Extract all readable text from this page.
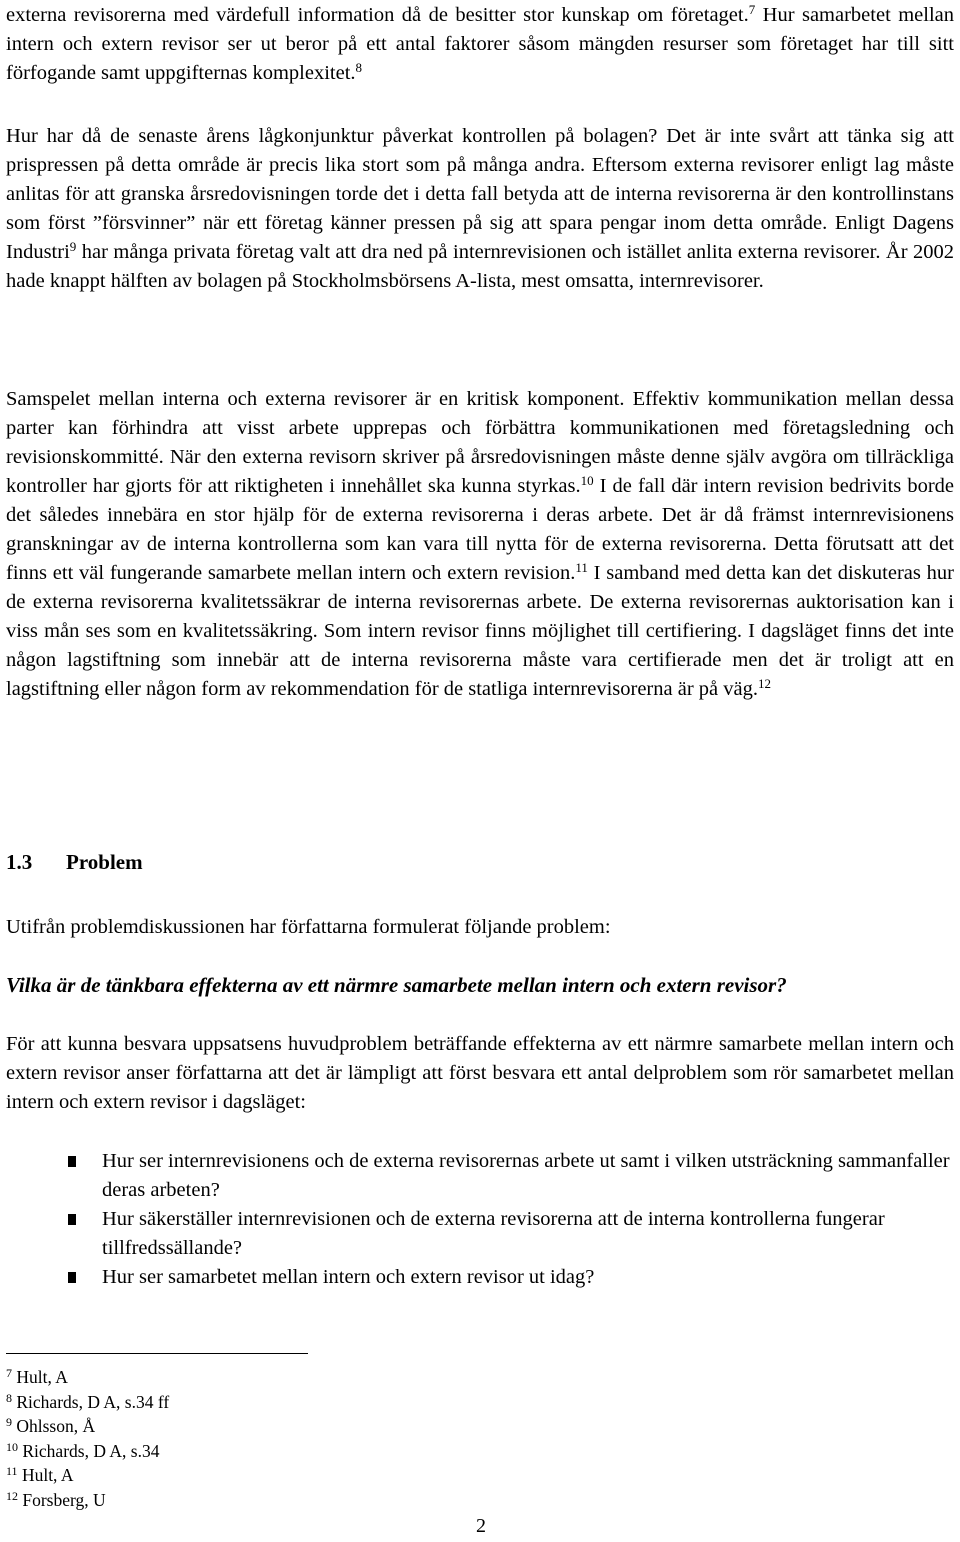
externa revisorerna med värdefull information då de besitter stor kunskap om företaget.$^7$ Hur samarbetet mellan intern och extern revisor ser ut beror på ett antal faktorer såsom mängden resurser som företaget har till sitt förfogande samt uppgifternas komplexitet.$^8$

Hur har då de senaste årens lågkonjunktur påverkat kontrollen på bolagen? Det är inte svårt att tänka sig att prispressen på detta område är precis lika stort som på många andra. Eftersom externa revisorer enligt lag måste anlitas för att granska årsredovisningen torde det i detta fall betyda att de interna revisorerna är den kontrollinstans som först ”försvinner” när ett företag känner pressen på sig att spara pengar inom detta område. Enligt Dagens Industri$^9$ har många privata företag valt att dra ned på internrevisionen och istället anlita externa revisorer. År 2002 hade knappt hälften av bolagen på Stockholmsbörsens A-lista, mest omsatta, internrevisorer.

Samspelet mellan interna och externa revisorer är en kritisk komponent. Effektiv kommunikation mellan dessa parter kan förhindra att visst arbete upprepas och förbättra kommunikationen med företagsledning och revisionskommitté. När den externa revisorn skriver på årsredovisningen måste denne själv avgöra om tillräckliga kontroller har gjorts för att riktigheten i innehållet ska kunna styrkas.$^{10}$ I de fall där intern revision bedrivits borde det således innebära en stor hjälp för de externa revisorerna i deras arbete. Det är då främst internrevisionens granskningar av de interna kontrollerna som kan vara till nytta för de externa revisorerna. Detta förutsatt att det finns ett väl fungerande samarbete mellan intern och extern revision.$^{11}$ I samband med detta kan det diskuteras hur de externa revisorerna kvalitetssäkrar de interna revisorernas arbete. De externa revisorernas auktorisation kan i viss mån ses som en kvalitetssäkring. Som intern revisor finns möjlighet till certifiering. I dagsläget finns det inte någon lagstiftning som innebär att de interna revisorerna måste vara certifierade men det är troligt att en lagstiftning eller någon form av rekommendation för de statliga internrevisorerna är på väg.$^{12}$

1.3 Problem

Utifrån problemdiskussionen har författarna formulerat följande problem:

Vilka är de tänkbara effekterna av ett närmre samarbete mellan intern och extern revisor?

För att kunna besvara uppsatsens huvudproblem beträffande effekterna av ett närmre samarbete mellan intern och extern revisor anser författarna att det är lämpligt att först besvara ett antal delproblem som rör samarbetet mellan intern och extern revisor i dagsläget:

Hur ser internrevisionens och de externa revisorernas arbete ut samt i vilken utsträckning sammanfaller deras arbeten?
Hur säkerställer internrevisionen och de externa revisorerna att de interna kontrollerna fungerar tillfredssällande?
Hur ser samarbetet mellan intern och extern revisor ut idag?
$^7$ Hult, A
$^8$ Richards, D A, s.34 ff
$^9$ Ohlsson, Å
$^{10}$ Richards, D A, s.34
$^{11}$ Hult, A
$^{12}$ Forsberg, U
2
